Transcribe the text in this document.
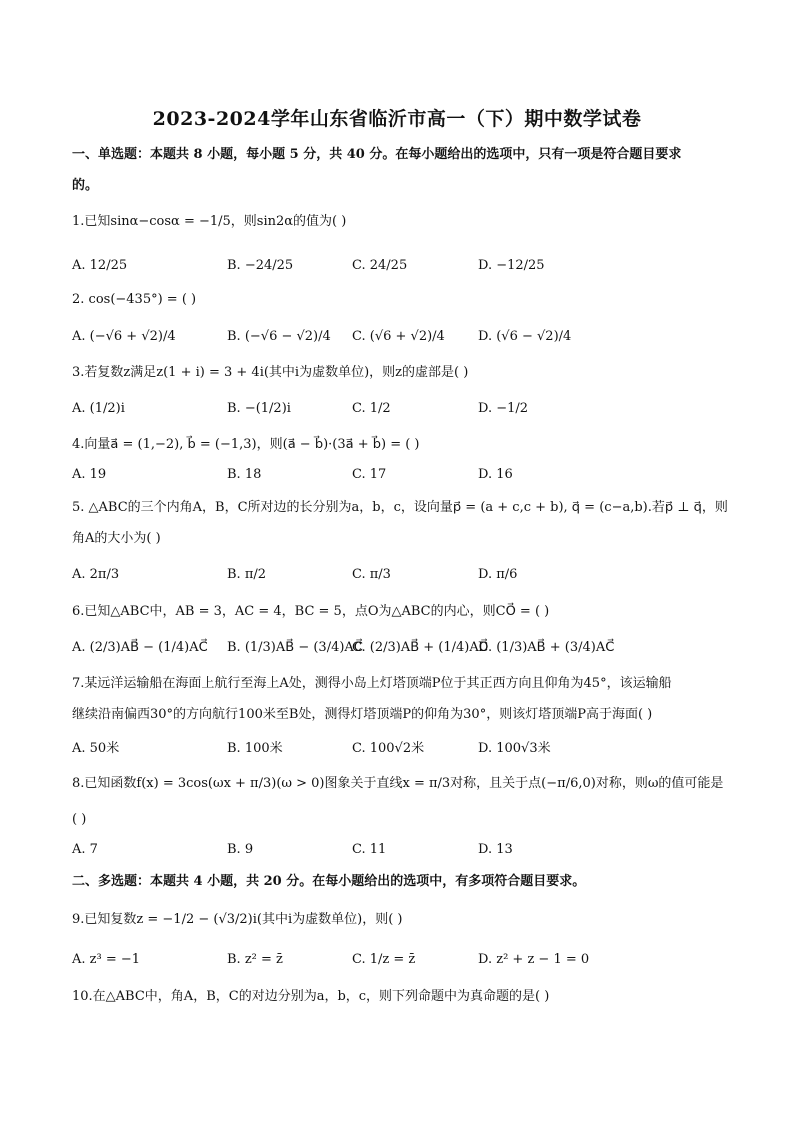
2023-2024学年山东省临沂市高一（下）期中数学试卷
一、单选题：本题共 8 小题，每小题 5 分，共 40 分。在每小题给出的选项中，只有一项是符合题目要求
的。
1.已知sinα−cosα = −1/5，则sin2α的值为( )
A. 12/25	B. −24/25	C. 24/25	D. −12/25
2. cos(−435°) = ( )
A. (−√6 + √2)/4	B. (−√6 − √2)/4 C. (√6 + √2)/4	D. (√6 − √2)/4
3.若复数z满足z(1 + i) = 3 + 4i(其中i为虚数单位)，则z的虚部是( )
A. (1/2)i	B. −(1/2)i	C. 1/2	D. −1/2
4.向量a⃗ = (1,−2), b⃗ = (−1,3)，则(a⃗ − b⃗)·(3a⃗ + b⃗) = ( )
A. 19	B. 18	C. 17	D. 16
5. △ABC的三个内角A，B，C所对边的长分别为a，b，c，设向量p⃗ = (a + c,c + b), q⃗ = (c−a,b).若p⃗ ⊥ q⃗，则
角A的大小为( )
A. 2π/3	B. π/2	C. π/3	D. π/6
6.已知△ABC中，AB = 3，AC = 4，BC = 5，点O为△ABC的内心，则CO⃗ = ( )
A. (2/3)AB⃗ − (1/4)AC⃗ B. (1/3)AB⃗ − (3/4)AC⃗
C. (2/3)AB⃗ + (1/4)AC⃗
D. (1/3)AB⃗ + (3/4)AC⃗
7.某远洋运输船在海面上航行至海上A处，测得小岛上灯塔顶端P位于其正西方向且仰角为45°，该运输船
继续沿南偏西30°的方向航行100米至B处，测得灯塔顶端P的仰角为30°，则该灯塔顶端P高于海面( )
A. 50米	B. 100米	C. 100√2米	D. 100√3米
8.已知函数f(x) = 3cos(ωx + π/3)(ω > 0)图象关于直线x = π/3对称，且关于点(−π/6,0)对称，则ω的值可能是
( )
A. 7	B. 9	C. 11	D. 13
二、多选题：本题共 4 小题，共 20 分。在每小题给出的选项中，有多项符合题目要求。
9.已知复数z = −1/2 − (√3/2)i(其中i为虚数单位)，则( )
A. z³ = −1	B. z² = z̄	C. 1/z = z̄	D. z² + z − 1 = 0
10.在△ABC中，角A，B，C的对边分别为a，b，c，则下列命题中为真命题的是( )
